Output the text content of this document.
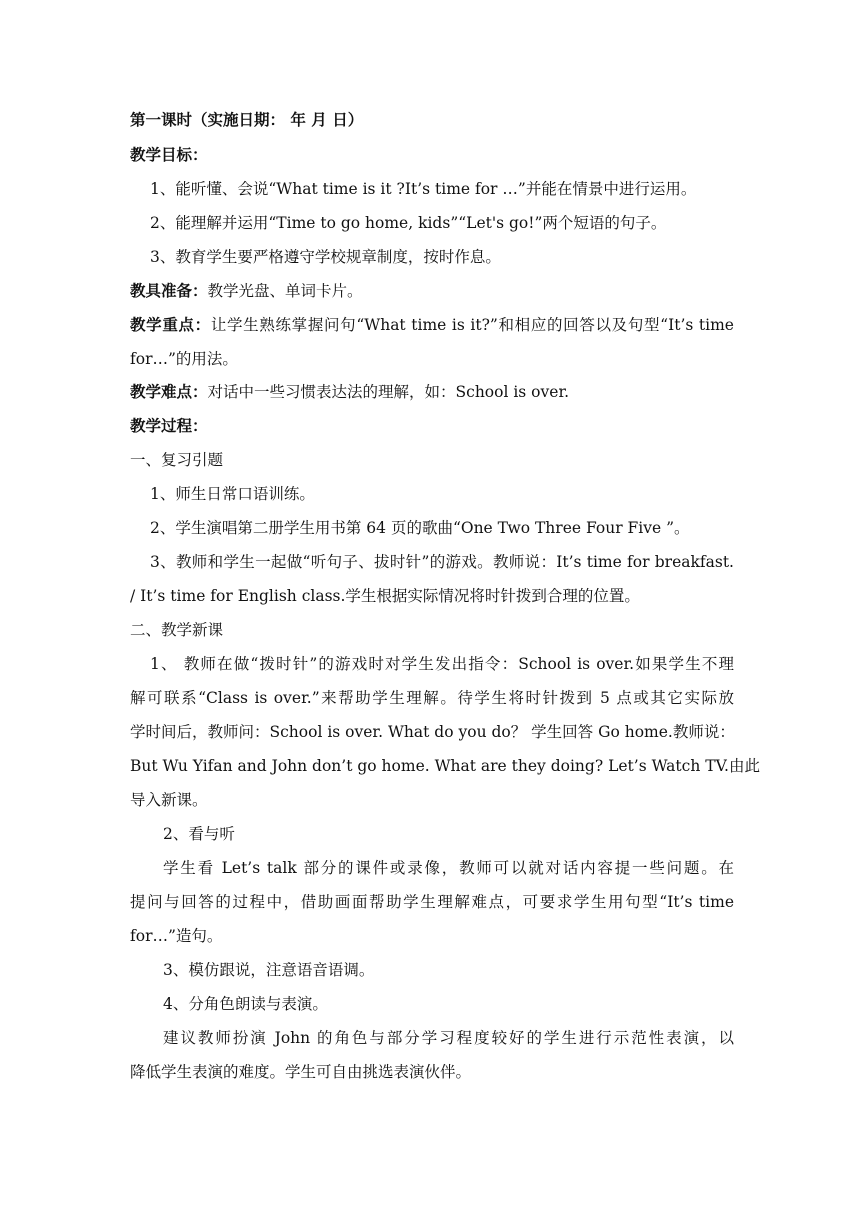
第一课时（实施日期： 年 月 日）
教学目标：
1、能听懂、会说“What time is it ?It’s time for …”并能在情景中进行运用。
2、能理解并运用“Time to go home, kids”“Let's go!”两个短语的句子。
3、教育学生要严格遵守学校规章制度，按时作息。
教具准备：教学光盘、单词卡片。
教学重点：让学生熟练掌握问句“What time is it?”和相应的回答以及句型“It’s time
for…”的用法。
教学难点：对话中一些习惯表达法的理解，如：School is over.
教学过程：
一、复习引题
1、师生日常口语训练。
2、学生演唱第二册学生用书第 64 页的歌曲“One Two Three Four Five ”。
3、教师和学生一起做“听句子、拔时针”的游戏。教师说：It’s time for breakfast.
/ It’s time for English class.学生根据实际情况将时针拨到合理的位置。
二、教学新课
1、 教师在做“拨时针”的游戏时对学生发出指令：School is over.如果学生不理
解可联系“Class is over.”来帮助学生理解。待学生将时针拨到 5 点或其它实际放
学时间后，教师问：School is over. What do you do？ 学生回答 Go home.教师说：
But Wu Yifan and John don’t go home. What are they doing? Let’s Watch TV.由此
导入新课。
2、看与听
学生看 Let’s talk 部分的课件或录像，教师可以就对话内容提一些问题。在
提问与回答的过程中，借助画面帮助学生理解难点，可要求学生用句型“It’s time
for…”造句。
3、模仿跟说，注意语音语调。
4、分角色朗读与表演。
建议教师扮演 John 的角色与部分学习程度较好的学生进行示范性表演，以
降低学生表演的难度。学生可自由挑选表演伙伴。
